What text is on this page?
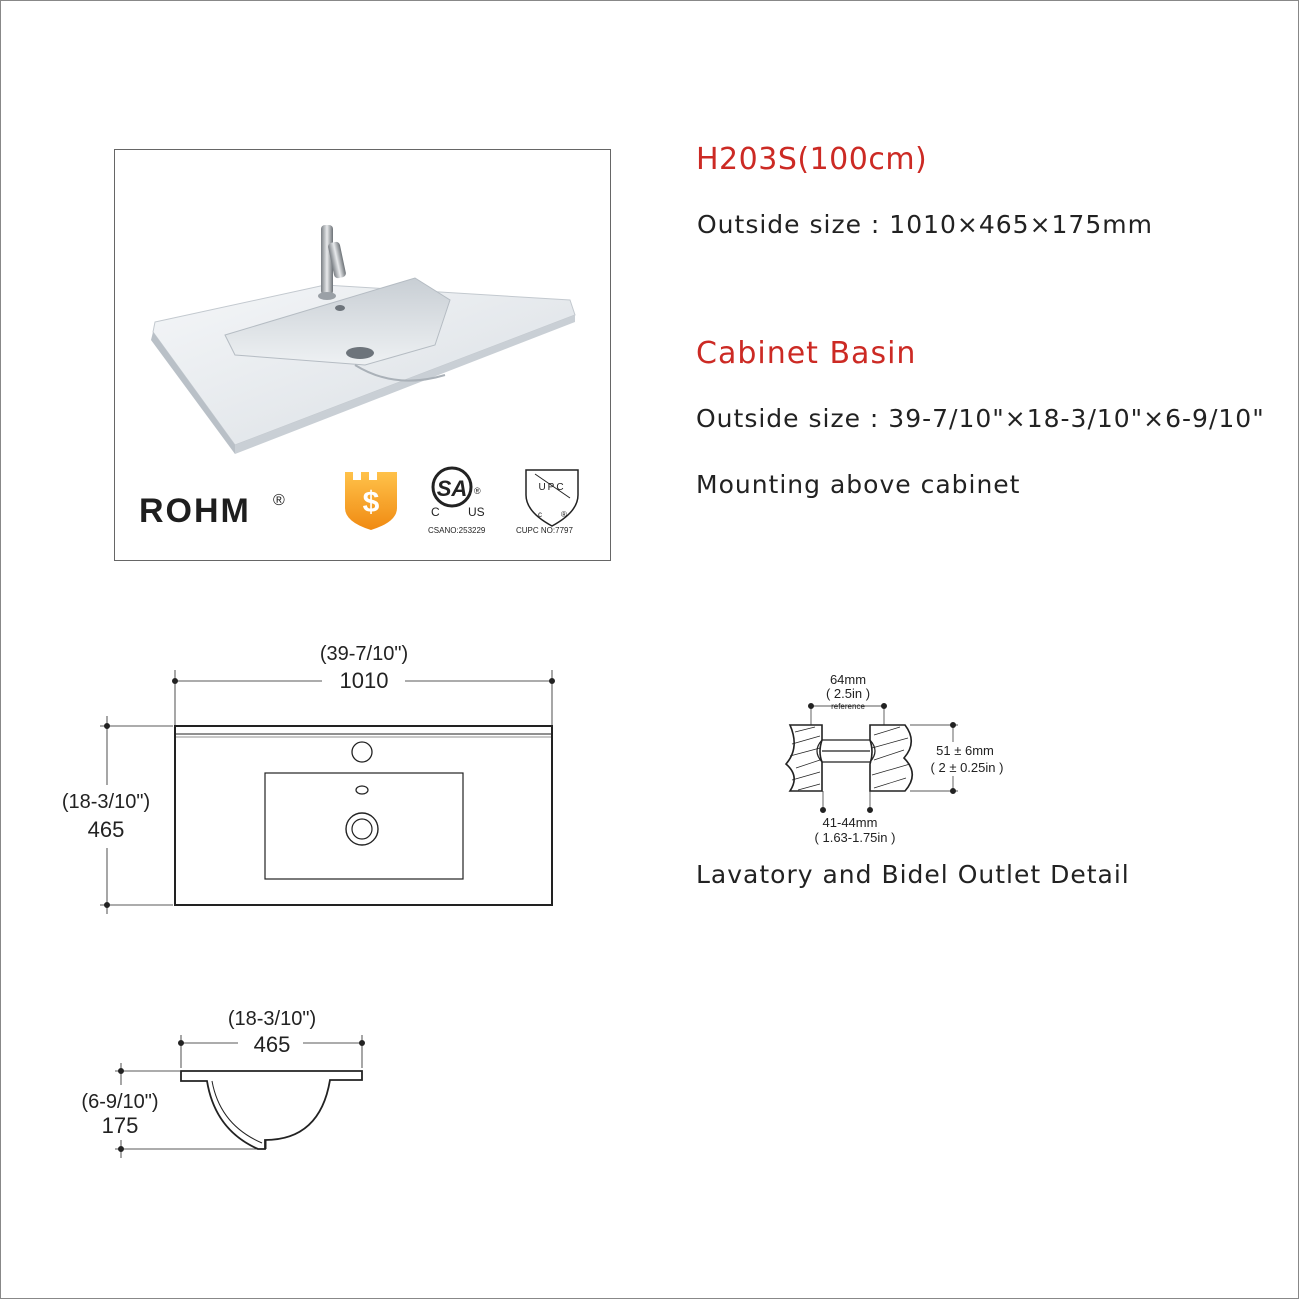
$	SA ®
C US
CSANO:253229
UPC
c ®
CUPC NO:7797
ROHM ®
H203S(100cm)
Outside size : 1010×465×175mm
Cabinet Basin
Outside size : 39-7/10"×18-3/10"×6-9/10"
Mounting above cabinet
Lavatory and Bidel Outlet Detail
(39-7/10")
1010
(18-3/10")
465
(18-3/10")
465
(6-9/10")
175
64mm
( 2.5in )
reference
51 ± 6mm
( 2 ± 0.25in )
41-44mm
( 1.63-1.75in )
